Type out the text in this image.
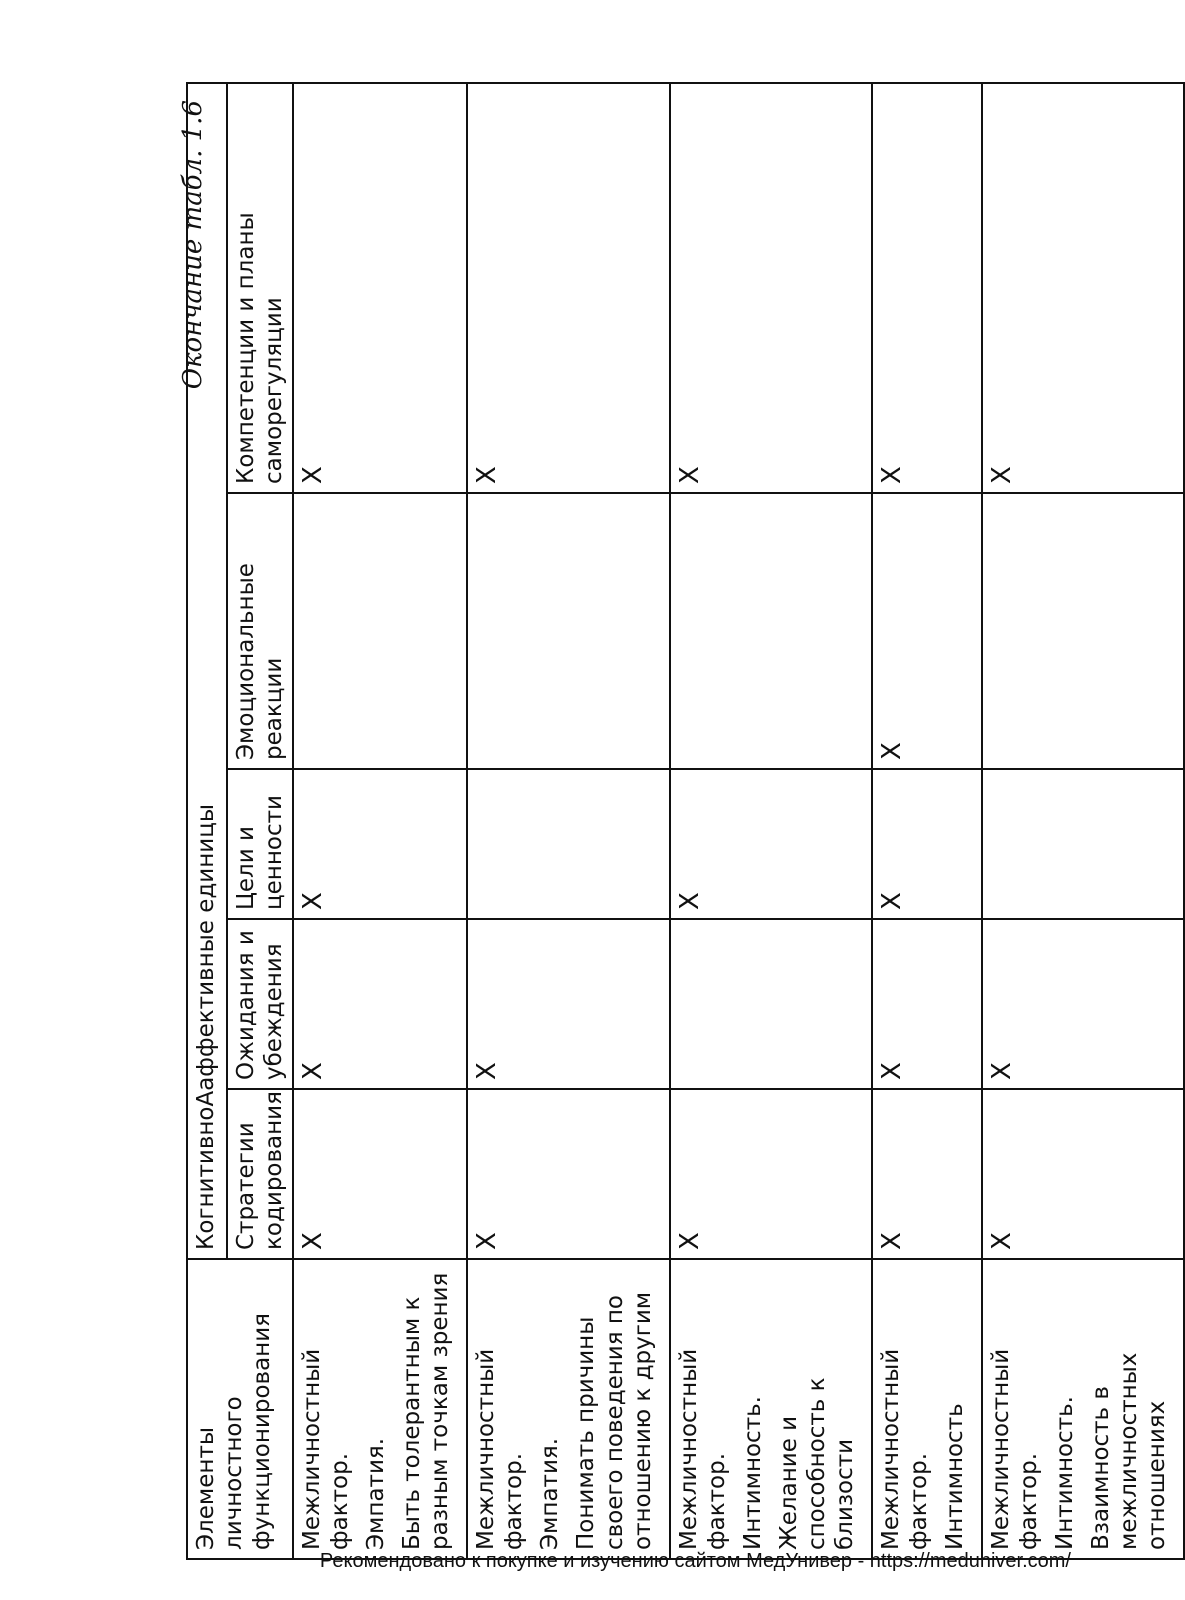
Окончание табл. 1.6
Элементы личностного функционирования	КогнитивноАаффективные единицы				
	Стратегии кодирования	Ожидания и убеждения	Цели и ценности	Эмоциональные реакции	Компетенции и планы саморегуляции

Межличностный фактор. Эмпатия. Быть толерантным к разным точкам зрения	X	X	X		X

Межличностный фактор. Эмпатия. Понимать причины своего поведения по отношению к другим	X	X			X

Межличностный фактор. Интимность. Желание и способность к близости	X		X		X

Межличностный фактор. Интимность	X	X	X	X	X

Межличностный фактор. Интимность. Взаимность в межличностных отношениях	X	X			X
Рекомендовано к покупке и изучению сайтом МедУнивер - https://meduniver.com/
